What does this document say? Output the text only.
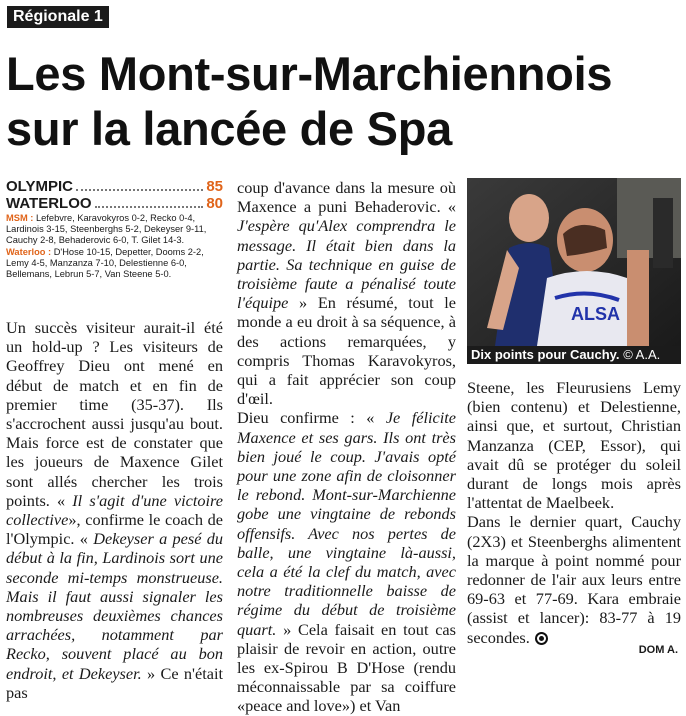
Régionale 1
Les Mont-sur-Marchiennois
sur la lancée de Spa
OLYMPIC	85
WATERLOO	80
MSM : Lefebvre, Karavokyros 0-2, Recko 0-4, Lardinois 3-15, Steenberghs 5-2, Dekeyser 9-11, Cauchy 2-8, Behaderovic 6-0, T. Gilet 14-3.
Waterloo : D'Hose 10-15, Depetter, Dooms 2-2, Lemy 4-5, Manzanza 7-10, Delestienne 6-0, Bellemans, Lebrun 5-7, Van Steene 5-0.

Un succès visiteur aurait-il été un hold-up ? Les visiteurs de Geoffrey Dieu ont mené en début de match et en fin de premier time (35-37). Ils s'accrochent aussi jusqu'au bout. Mais force est de constater que les joueurs de Maxence Gilet sont allés chercher les trois points. « Il s'agit d'une victoire collective», confirme le coach de l'Olympic. « Dekeyser a pesé du début à la fin, Lardinois sort une seconde mi-temps monstrueuse. Mais il faut aussi signaler les nombreuses deuxièmes chances arrachées, notamment par Recko, souvent placé au bon endroit, et Dekeyser. » Ce n'était pas

coup d'avance dans la mesure où Maxence a puni Behaderovic. « J'espère qu'Alex comprendra le message. Il était bien dans la partie. Sa technique en guise de troisième faute a pénalisé toute l'équipe » En résumé, tout le monde a eu droit à sa séquence, à des actions remarquées, y compris Thomas Karavokyros, qui a fait apprécier son coup d'œil.

Dieu confirme : « Je félicite Maxence et ses gars. Ils ont très bien joué le coup. J'avais opté pour une zone afin de cloisonner le rebond. Mont-sur-Marchienne gobe une vingtaine de rebonds offensifs. Avec nos pertes de balle, une vingtaine là-aussi, cela a été la clef du match, avec notre traditionnelle baisse de régime du début de troisième quart. » Cela faisait en tout cas plaisir de revoir en action, outre les ex-Spirou B D'Hose (rendu méconnaissable par sa coiffure «peace and love») et Van

ALSA
Dix points pour Cauchy. © A.A.

Steene, les Fleurusiens Lemy (bien contenu) et Delestienne, ainsi que, et surtout, Christian Manzanza (CEP, Essor), qui avait dû se protéger du soleil durant de longs mois après l'attentat de Maelbeek.

Dans le dernier quart, Cauchy (2X3) et Steenberghs alimentent la marque à point nommé pour redonner de l'air aux leurs entre 69-63 et 77-69. Kara embraie (assist et lancer): 83-77 à 19 secondes.

DOM A.
